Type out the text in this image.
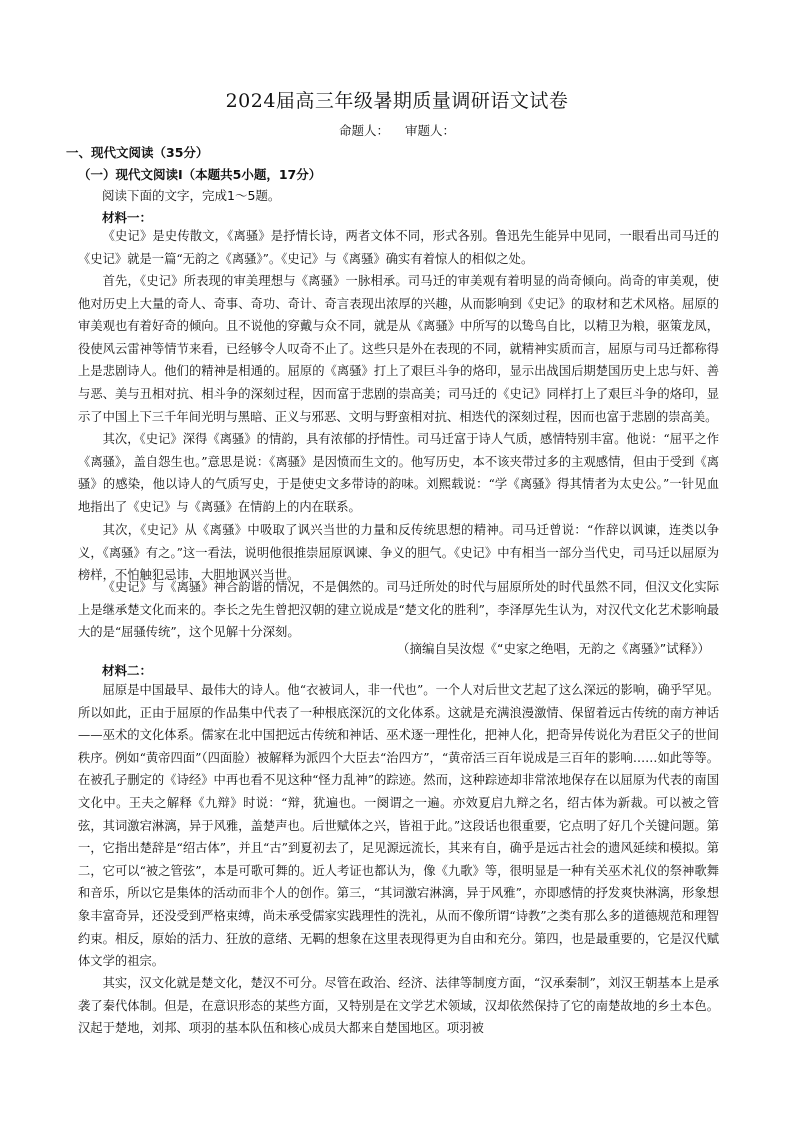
2024届高三年级暑期质量调研语文试卷
命题人： 审题人：
一、现代文阅读（35分）
（一）现代文阅读Ⅰ（本题共5小题，17分）
阅读下面的文字，完成1～5题。
材料一：

《史记》是史传散文，《离骚》是抒情长诗，两者文体不同，形式各别。鲁迅先生能异中见同，一眼看出司马迁的《史记》就是一篇“无韵之《离骚》”。《史记》与《离骚》确实有着惊人的相似之处。

首先，《史记》所表现的审美理想与《离骚》一脉相承。司马迁的审美观有着明显的尚奇倾向。尚奇的审美观，使他对历史上大量的奇人、奇事、奇功、奇计、奇言表现出浓厚的兴趣，从而影响到《史记》的取材和艺术风格。屈原的审美观也有着好奇的倾向。且不说他的穿戴与众不同，就是从《离骚》中所写的以鸷鸟自比，以精卫为粮，驱策龙凤，役使风云雷神等情节来看，已经够令人叹奇不止了。这些只是外在表现的不同，就精神实质而言，屈原与司马迁都称得上是悲剧诗人。他们的精神是相通的。屈原的《离骚》打上了艰巨斗争的烙印，显示出战国后期楚国历史上忠与奸、善与恶、美与丑相对抗、相斗争的深刻过程，因而富于悲剧的崇高美；司马迁的《史记》同样打上了艰巨斗争的烙印，显示了中国上下三千年间光明与黑暗、正义与邪恶、文明与野蛮相对抗、相迭代的深刻过程，因而也富于悲剧的崇高美。

其次，《史记》深得《离骚》的情韵，具有浓郁的抒情性。司马迁富于诗人气质，感情特别丰富。他说：“屈平之作《离骚》，盖自怨生也。”意思是说：《离骚》是因愤而生文的。他写历史，本不该夹带过多的主观感情，但由于受到《离骚》的感染，他以诗人的气质写史，于是使史文多带诗的韵味。刘熙载说：“学《离骚》得其情者为太史公。”一针见血地指出了《史记》与《离骚》在情韵上的内在联系。

其次，《史记》从《离骚》中吸取了讽兴当世的力量和反传统思想的精神。司马迁曾说：“作辞以讽谏，连类以争义，《离骚》有之。”这一看法，说明他很推崇屈原讽谏、争义的胆气。《史记》中有相当一部分当代史，司马迁以屈原为榜样，不怕触犯忌讳，大胆地讽兴当世。

《史记》与《离骚》神合韵谐的情况，不是偶然的。司马迁所处的时代与屈原所处的时代虽然不同，但汉文化实际上是继承楚文化而来的。李长之先生曾把汉朝的建立说成是“楚文化的胜利”，李泽厚先生认为，对汉代文化艺术影响最大的是“屈骚传统”，这个见解十分深刻。

（摘编自吴汝煜《“史家之绝唱，无韵之《离骚》”试释》）
材料二：

屈原是中国最早、最伟大的诗人。他“衣被词人，非一代也”。一个人对后世文艺起了这么深远的影响，确乎罕见。所以如此，正由于屈原的作品集中代表了一种根底深沉的文化体系。这就是充满浪漫激情、保留着远古传统的南方神话——巫术的文化体系。儒家在北中国把远古传统和神话、巫术逐一理性化，把神人化，把奇异传说化为君臣父子的世间秩序。例如“黄帝四面”（四面脸）被解释为派四个大臣去“治四方”，“黄帝活三百年说成是三百年的影响……如此等等。在被孔子删定的《诗经》中再也看不见这种“怪力乱神”的踪迹。然而，这种踪迹却非常浓地保存在以屈原为代表的南国文化中。王夫之解释《九辩》时说：“辩，犹遍也。一阕谓之一遍。亦效夏启九辩之名，绍古体为新裁。可以被之管弦，其词激宕淋漓，异于风雅，盖楚声也。后世赋体之兴，皆祖于此。”这段话也很重要，它点明了好几个关键问题。第一，它指出楚辞是“绍古体”，并且“古”到夏初去了，足见源远流长，其来有自，确乎是远古社会的遗风延续和模拟。第二，它可以“被之管弦”，本是可歌可舞的。近人考证也都认为，像《九歌》等，很明显是一种有关巫术礼仪的祭神歌舞和音乐，所以它是集体的活动而非个人的创作。第三，“其词激宕淋漓，异于风雅”，亦即感情的抒发爽快淋漓，形象想象丰富奇异，还没受到严格束缚，尚未承受儒家实践理性的洗礼，从而不像所谓“诗教”之类有那么多的道德规范和理智约束。相反，原始的活力、狂放的意绪、无羁的想象在这里表现得更为自由和充分。第四，也是最重要的，它是汉代赋体文学的祖宗。

其实，汉文化就是楚文化，楚汉不可分。尽管在政治、经济、法律等制度方面，“汉承秦制”，刘汉王朝基本上是承袭了秦代体制。但是，在意识形态的某些方面，又特别是在文学艺术领域，汉却依然保持了它的南楚故地的乡土本色。汉起于楚地，刘邦、项羽的基本队伍和核心成员大都来自楚国地区。项羽被
